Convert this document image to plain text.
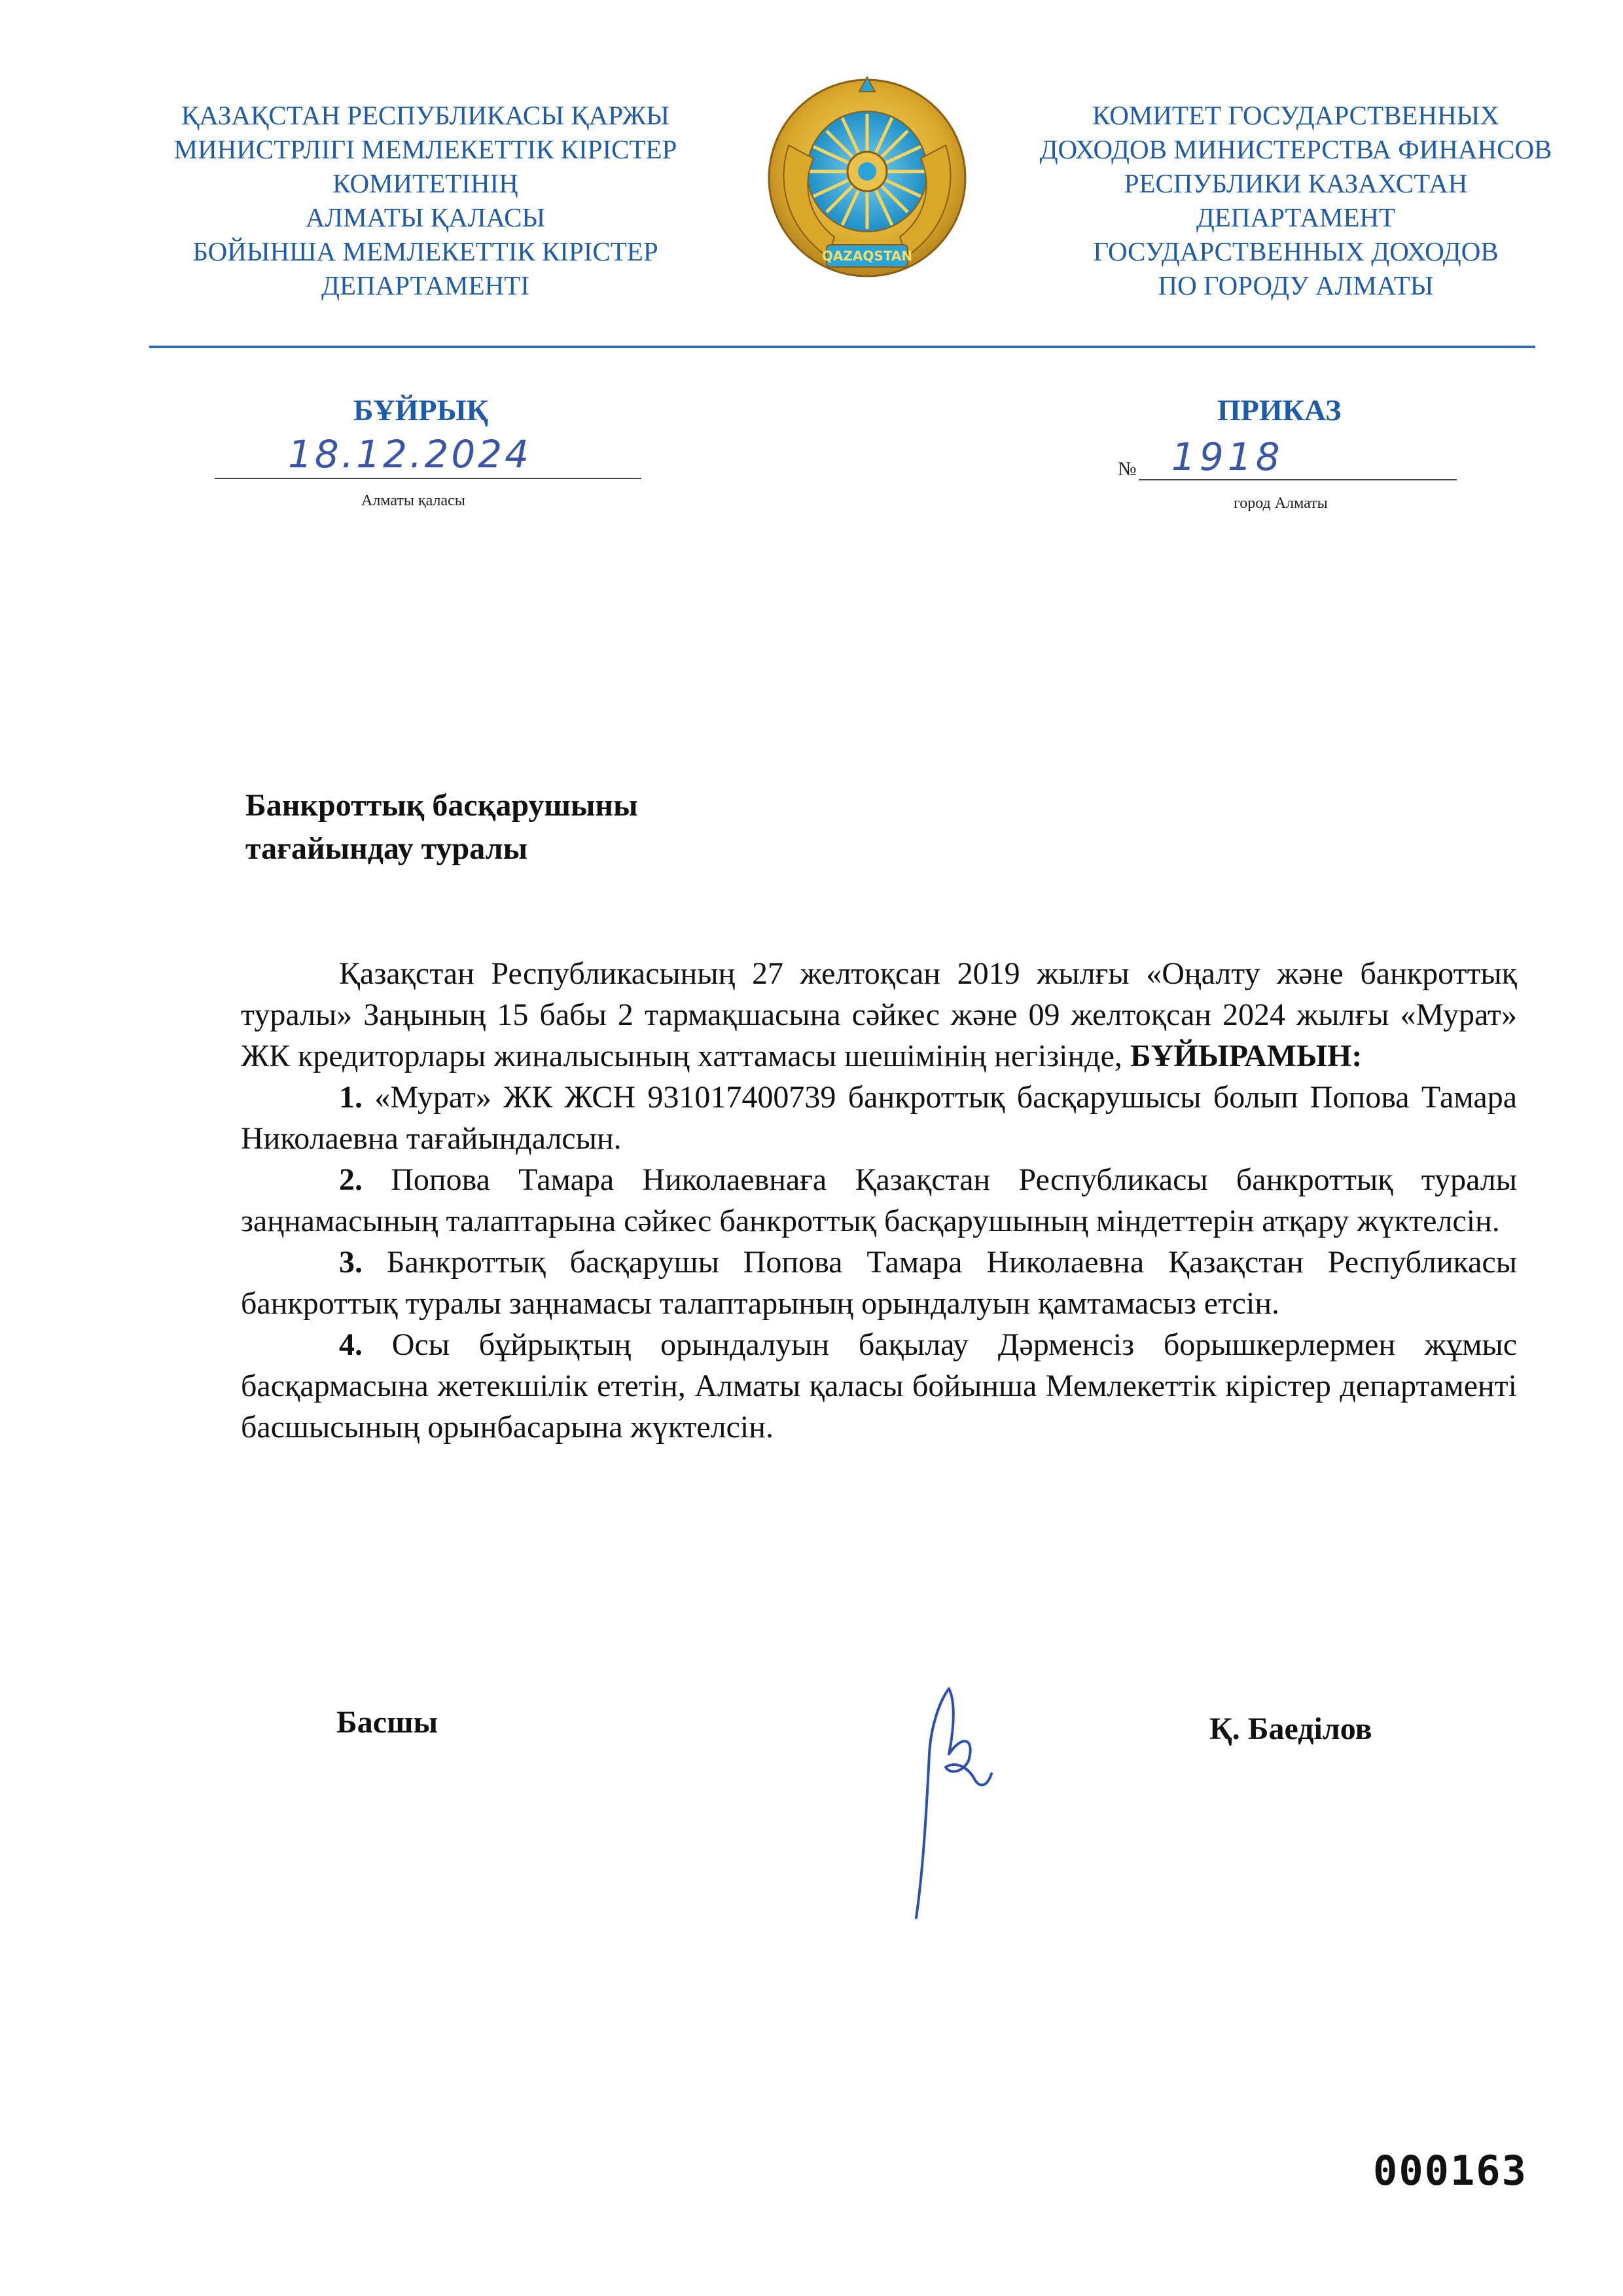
ҚАЗАҚСТАН РЕСПУБЛИКАСЫ ҚАРЖЫ
МИНИСТРЛІГІ МЕМЛЕКЕТТІК КІРІСТЕР
КОМИТЕТІНІҢ
АЛМАТЫ ҚАЛАСЫ
БОЙЫНША МЕМЛЕКЕТТІК КІРІСТЕР
ДЕПАРТАМЕНТІ
QAZAQSTAN
КОМИТЕТ ГОСУДАРСТВЕННЫХ
ДОХОДОВ МИНИСТЕРСТВА ФИНАНСОВ
РЕСПУБЛИКИ КАЗАХСТАН
ДЕПАРТАМЕНТ
ГОСУДАРСТВЕННЫХ ДОХОДОВ
ПО ГОРОДУ АЛМАТЫ
БҰЙРЫҚ	ПРИКАЗ
18.12.2024
Алматы қаласы
№ 1918
город Алматы
Банкроттық басқарушыны
тағайындау туралы

Қазақстан Республикасының 27 желтоқсан 2019 жылғы «Оңалту және банкроттық туралы» Заңының 15 бабы 2 тармақшасына сәйкес және 09 желтоқсан 2024 жылғы «Мурат» ЖК кредиторлары жиналысының хаттамасы шешімінің негізінде, БҰЙЫРАМЫН:

1. «Мурат» ЖК ЖСН 931017400739 банкроттық басқарушысы болып Попова Тамара Николаевна тағайындалсын.

2. Попова Тамара Николаевнаға Қазақстан Республикасы банкроттық туралы заңнамасының талаптарына сәйкес банкроттық басқарушының міндеттерін атқару жүктелсін.

3. Банкроттық басқарушы Попова Тамара Николаевна Қазақстан Республикасы банкроттық туралы заңнамасы талаптарының орындалуын қамтамасыз етсін.

4. Осы бұйрықтың орындалуын бақылау Дәрменсіз борышкерлермен жұмыс басқармасына жетекшілік ететін, Алматы қаласы бойынша Мемлекеттік кірістер департаменті басшысының орынбасарына жүктелсін.

Басшы	Қ. Баеділов
000163
